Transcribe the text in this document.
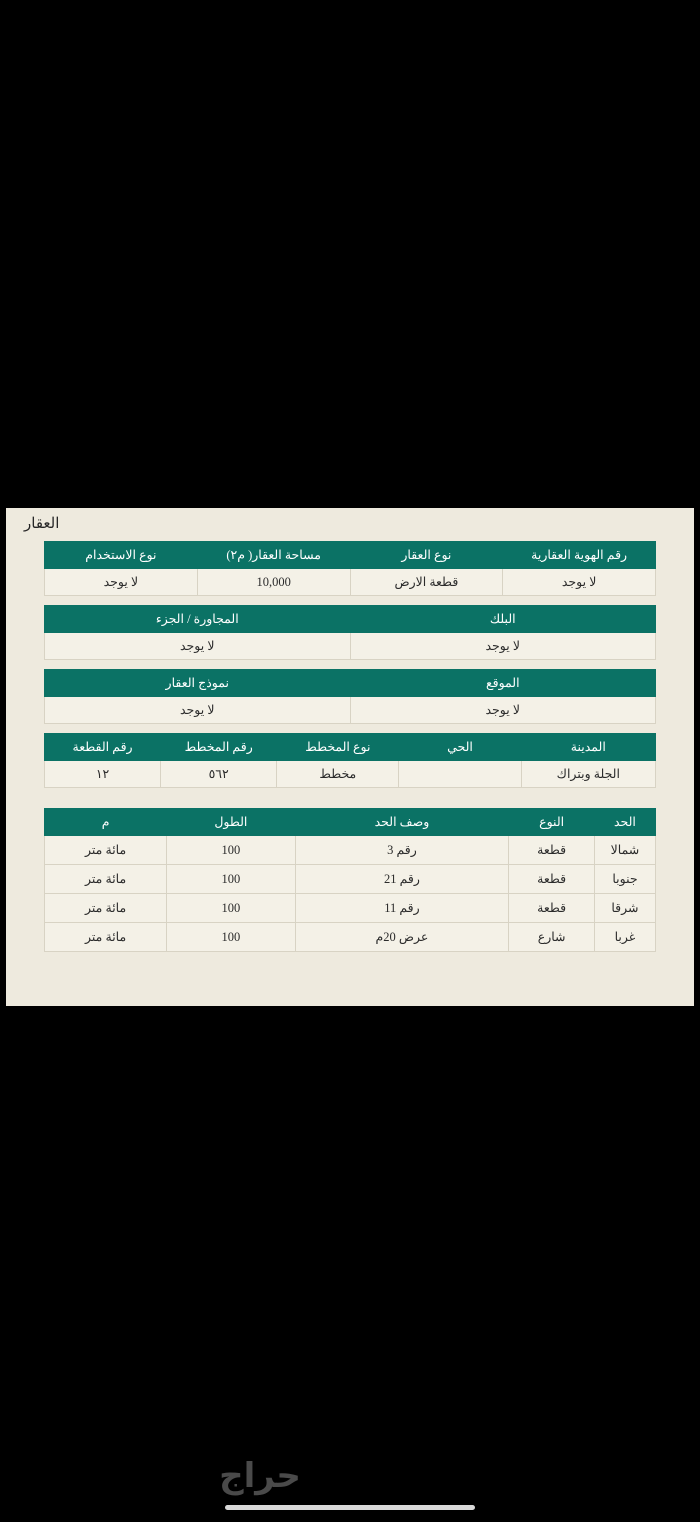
العقار
رقم الهوية العقارية	نوع العقار	مساحة العقار( م٢)	نوع الاستخدام
لا يوجد	قطعة الارض	10,000	لا يوجد
البلك	المجاورة / الجزء
لا يوجد	لا يوجد
الموقع	نموذج العقار
لا يوجد	لا يوجد
المدينة	الحي	نوع المخطط	رقم المخطط	رقم القطعة
الجلة وبتراك		مخطط	٥٦٢	١٢
الحد	النوع	وصف الحد	الطول	م
شمالا	قطعة	رقم 3	100	مائة متر
جنوبا	قطعة	رقم 21	100	مائة متر
شرقا	قطعة	رقم 11	100	مائة متر
غربا	شارع	عرض 20م	100	مائة متر
حراج
